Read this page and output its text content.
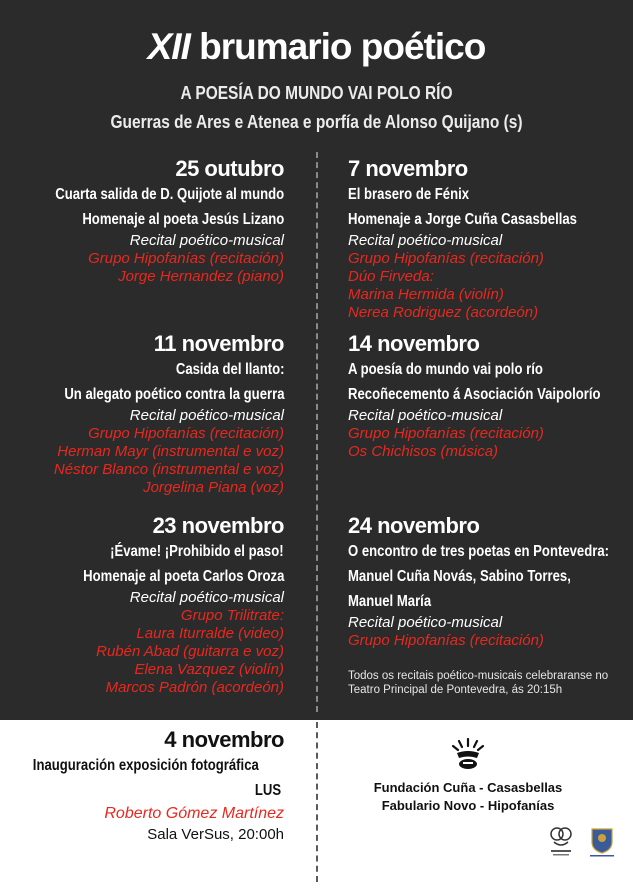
XII brumario poético
A POESÍA DO MUNDO VAI POLO RÍO
Guerras de Ares e Atenea e porfía de Alonso Quijano (s)
25 outubro
Cuarta salida de D. Quijote al mundo
Homenaje al poeta Jesús Lizano
Recital poético-musical
Grupo Hipofanías (recitación)
Jorge Hernandez (piano)
7 novembro
El brasero de Fénix
Homenaje a Jorge Cuña Casasbellas
Recital poético-musical
Grupo Hipofanías (recitación)
Dúo Firveda:
Marina Hermida (violín)
Nerea Rodriguez (acordeón)
11 novembro
Casida del llanto:
Un alegato poético contra la guerra
Recital poético-musical
Grupo Hipofanías (recitación)
Herman Mayr (instrumental e voz)
Néstor Blanco (instrumental e voz)
Jorgelina Piana (voz)
14 novembro
A poesía do mundo vai polo río
Recoñecemento á Asociación Vaipolorío
Recital poético-musical
Grupo Hipofanías (recitación)
Os Chichisos (música)
23 novembro
¡Évame! ¡Prohibido el paso!
Homenaje al poeta Carlos Oroza
Recital poético-musical
Grupo Trilitrate:
Laura Iturralde (video)
Rubén Abad (guitarra e voz)
Elena Vazquez (violín)
Marcos Padrón (acordeón)
24 novembro
O encontro de tres poetas en Pontevedra:
Manuel Cuña Novás, Sabino Torres,
Manuel María
Recital poético-musical
Grupo Hipofanías (recitación)
Todos os recitais poético-musicais celebraranse no Teatro Principal de Pontevedra, ás 20:15h
4 novembro
Inauguración exposición fotográfica
LUS
Roberto Gómez Martínez
Sala VerSus, 20:00h
Fundación Cuña - Casasbellas
Fabulario Novo - Hipofanías
